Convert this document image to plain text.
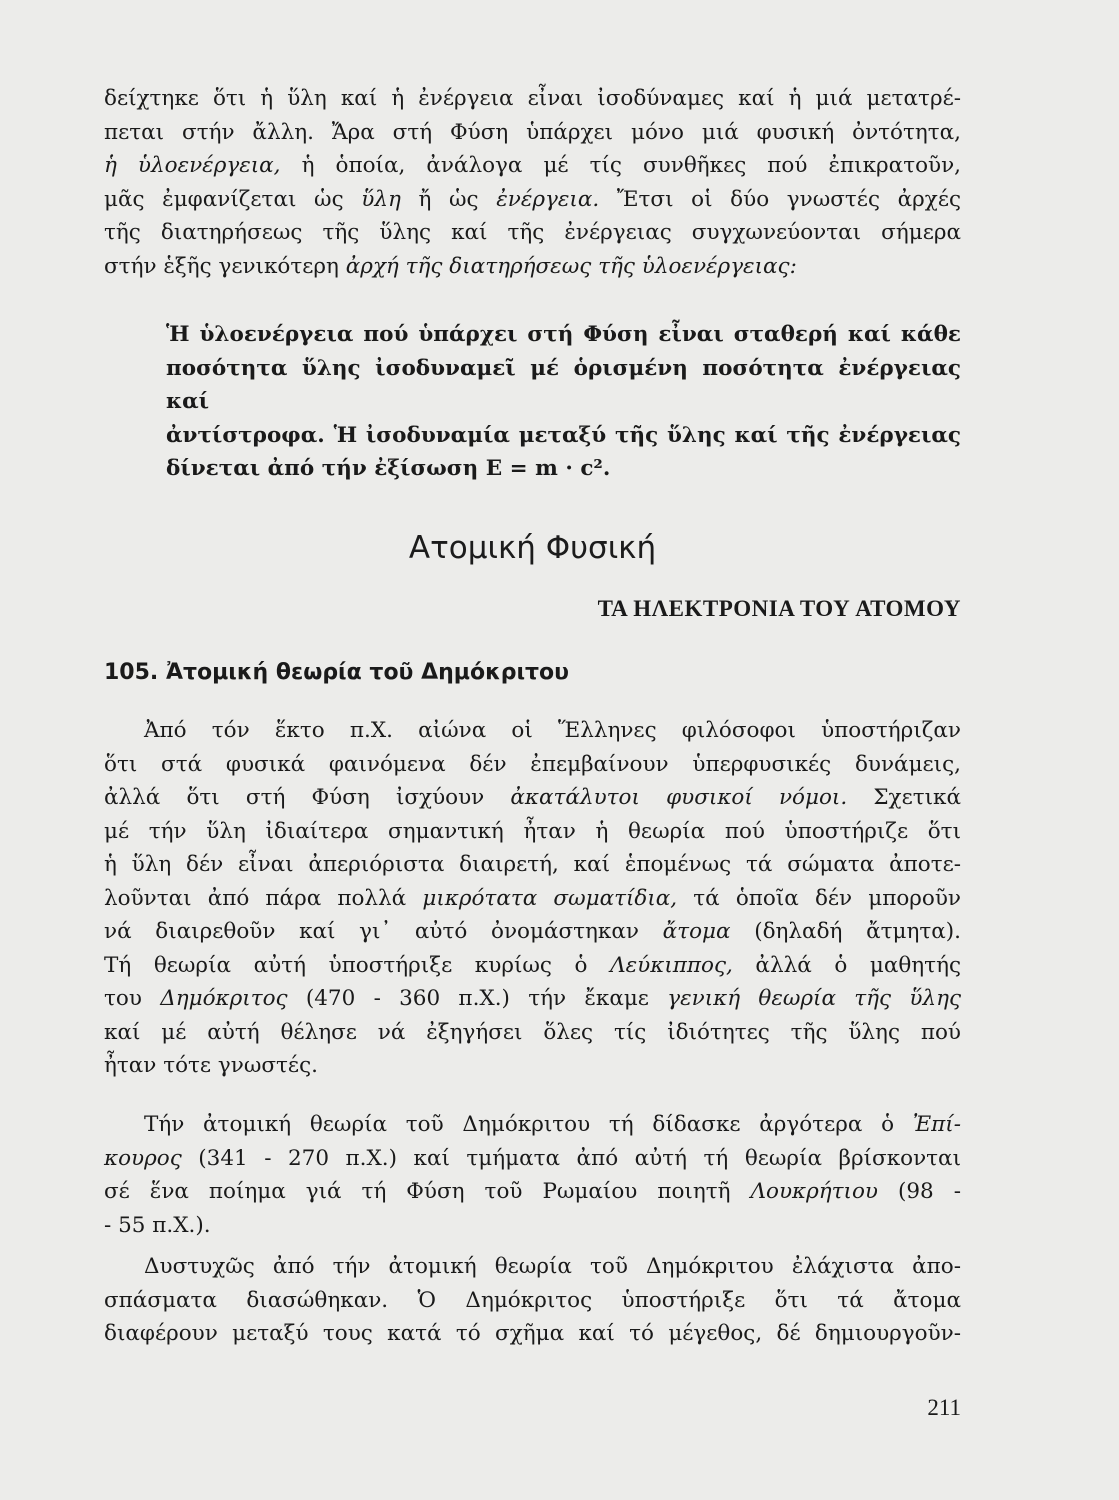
δείχτηκε ὅτι ἡ ὕλη καί ἡ ἐνέργεια εἶναι ἰσοδύναμες καί ἡ μιά μετατρέ-

πεται στήν ἄλλη. Ἄρα στή Φύση ὑπάρχει μόνο μιά φυσική ὀντότητα,

ἡ ὑλοενέργεια, ἡ ὁποία, ἀνάλογα μέ τίς συνθῆκες πού ἐπικρατοῦν,

μᾶς ἐμφανίζεται ὡς ὕλη ἤ ὡς ἐνέργεια. Ἔτσι οἱ δύο γνωστές ἀρχές

τῆς διατηρήσεως τῆς ὕλης καί τῆς ἐνέργειας συγχωνεύονται σήμερα

στήν ἑξῆς γενικότερη ἀρχή τῆς διατηρήσεως τῆς ὑλοενέργειας:

Ἡ ὑλοενέργεια πού ὑπάρχει στή Φύση εἶναι σταθερή καί κάθε

ποσότητα ὕλης ἰσοδυναμεῖ μέ ὁρισμένη ποσότητα ἐνέργειας καί

ἀντίστροφα. Ἡ ἰσοδυναμία μεταξύ τῆς ὕλης καί τῆς ἐνέργειας

δίνεται ἀπό τήν ἐξίσωση E = m · c².

Ατομική Φυσική

ΤΑ ΗΛΕΚΤΡΟΝΙΑ ΤΟΥ ΑΤΟΜΟΥ

105. Ἀτομική θεωρία τοῦ Δημόκριτου

Ἀπό τόν ἕκτο π.Χ. αἰώνα οἱ Ἕλληνες φιλόσοφοι ὑποστήριζαν

ὅτι στά φυσικά φαινόμενα δέν ἐπεμβαίνουν ὑπερφυσικές δυνάμεις,

ἀλλά ὅτι στή Φύση ἰσχύουν ἀκατάλυτοι φυσικοί νόμοι. Σχετικά

μέ τήν ὕλη ἰδιαίτερα σημαντική ἦταν ἡ θεωρία πού ὑποστήριζε ὅτι

ἡ ὕλη δέν εἶναι ἀπεριόριστα διαιρετή, καί ἑπομένως τά σώματα ἀποτε-

λοῦνται ἀπό πάρα πολλά μικρότατα σωματίδια, τά ὁποῖα δέν μποροῦν

νά διαιρεθοῦν καί γι᾽ αὐτό ὀνομάστηκαν ἄτομα (δηλαδή ἄτμητα).

Τή θεωρία αὐτή ὑποστήριξε κυρίως ὁ Λεύκιππος, ἀλλά ὁ μαθητής

του Δημόκριτος (470 - 360 π.Χ.) τήν ἔκαμε γενική θεωρία τῆς ὕλης

καί μέ αὐτή θέλησε νά ἐξηγήσει ὅλες τίς ἰδιότητες τῆς ὕλης πού

ἦταν τότε γνωστές.

Τήν ἀτομική θεωρία τοῦ Δημόκριτου τή δίδασκε ἀργότερα ὁ Ἐπί-

κουρος (341 - 270 π.Χ.) καί τμήματα ἀπό αὐτή τή θεωρία βρίσκονται

σέ ἕνα ποίημα γιά τή Φύση τοῦ Ρωμαίου ποιητῆ Λουκρήτιου (98 -

- 55 π.Χ.).

Δυστυχῶς ἀπό τήν ἀτομική θεωρία τοῦ Δημόκριτου ἐλάχιστα ἀπο-

σπάσματα διασώθηκαν. Ὁ Δημόκριτος ὑποστήριξε ὅτι τά ἄτομα

διαφέρουν μεταξύ τους κατά τό σχῆμα καί τό μέγεθος, δέ δημιουργοῦν-

211
